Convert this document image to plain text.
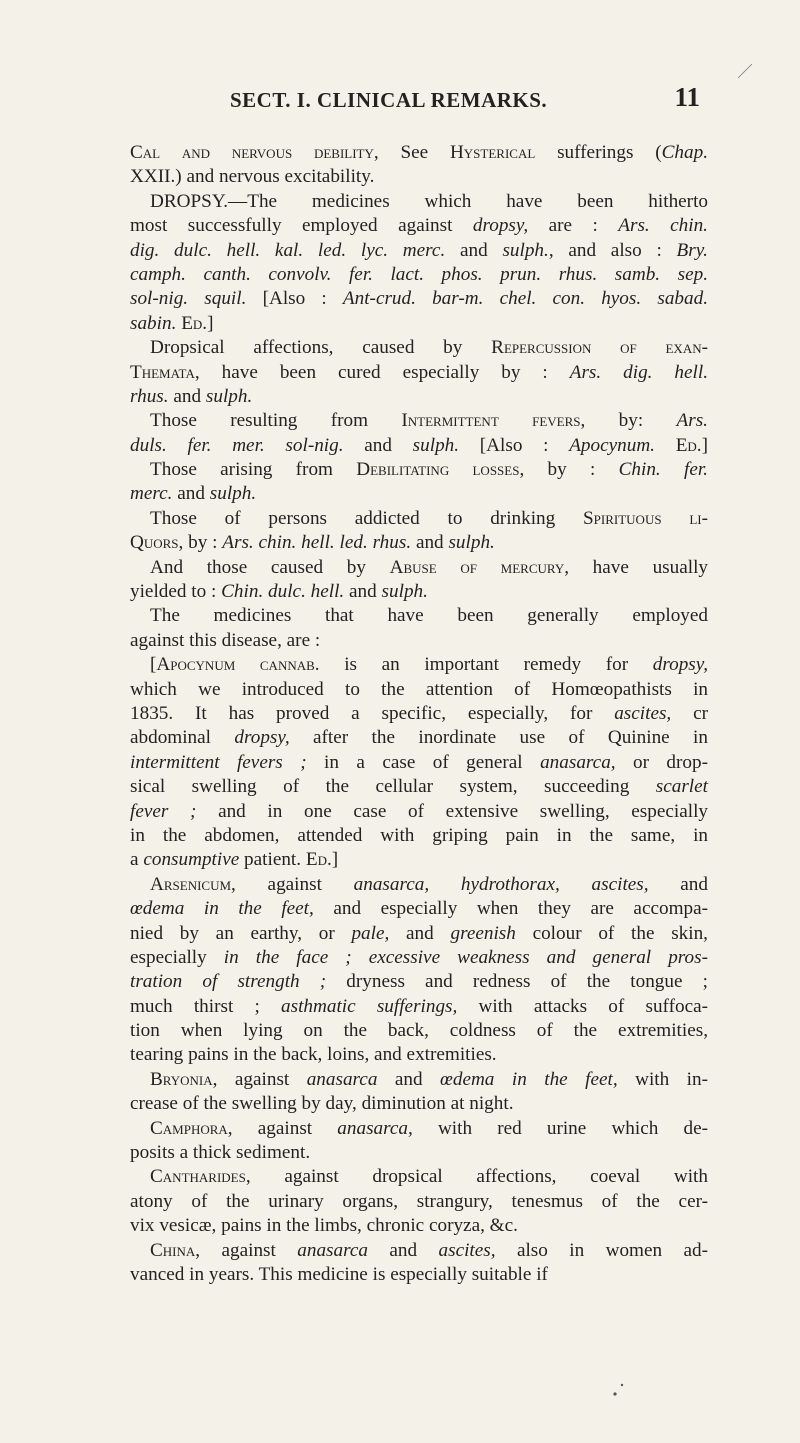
SECT. I. CLINICAL REMARKS.	11
Cal and nervous debility, See Hysterical sufferings (Chap.
XXII.) and nervous excitability.
DROPSY.—The medicines which have been hitherto
most successfully employed against dropsy, are : Ars. chin.
dig. dulc. hell. kal. led. lyc. merc. and sulph., and also : Bry.
camph. canth. convolv. fer. lact. phos. prun. rhus. samb. sep.
sol-nig. squil. [Also : Ant-crud. bar-m. chel. con. hyos. sabad.
sabin. Ed.]
Dropsical affections, caused by Repercussion of exan-
Themata, have been cured especially by : Ars. dig. hell.
rhus. and sulph.
Those resulting from Intermittent fevers, by: Ars.
duls. fer. mer. sol-nig. and sulph. [Also : Apocynum. Ed.]
Those arising from Debilitating losses, by : Chin. fer.
merc. and sulph.
Those of persons addicted to drinking Spirituous li-
Quors, by : Ars. chin. hell. led. rhus. and sulph.
And those caused by Abuse of mercury, have usually
yielded to : Chin. dulc. hell. and sulph.
The medicines that have been generally employed
against this disease, are :
[Apocynum cannab. is an important remedy for dropsy,
which we introduced to the attention of Homœopathists in
1835. It has proved a specific, especially, for ascites, cr
abdominal dropsy, after the inordinate use of Quinine in
intermittent fevers ; in a case of general anasarca, or drop-
sical swelling of the cellular system, succeeding scarlet
fever ; and in one case of extensive swelling, especially
in the abdomen, attended with griping pain in the same, in
a consumptive patient. Ed.]
Arsenicum, against anasarca, hydrothorax, ascites, and
œdema in the feet, and especially when they are accompa-
nied by an earthy, or pale, and greenish colour of the skin,
especially in the face ; excessive weakness and general pros-
tration of strength ; dryness and redness of the tongue ;
much thirst ; asthmatic sufferings, with attacks of suffoca-
tion when lying on the back, coldness of the extremities,
tearing pains in the back, loins, and extremities.
Bryonia, against anasarca and œdema in the feet, with in-
crease of the swelling by day, diminution at night.
Camphora, against anasarca, with red urine which de-
posits a thick sediment.
Cantharides, against dropsical affections, coeval with
atony of the urinary organs, strangury, tenesmus of the cer-
vix vesicæ, pains in the limbs, chronic coryza, &c.
China, against anasarca and ascites, also in women ad-
vanced in years. This medicine is especially suitable if
